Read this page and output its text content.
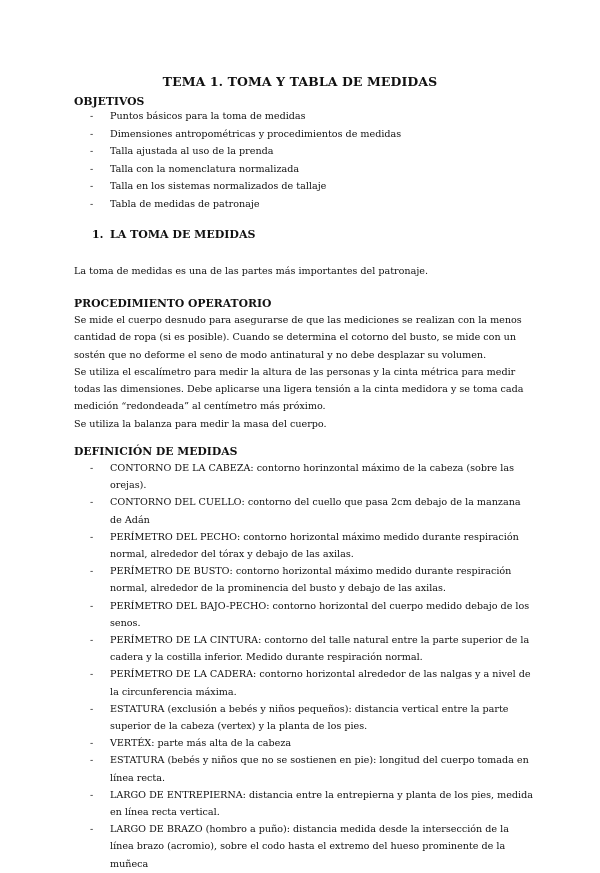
TEMA 1. TOMA Y TABLA DE MEDIDAS
OBJETIVOS
- Puntos básicos para la toma de medidas
- Dimensiones antropométricas y procedimientos de medidas
- Talla ajustada al uso de la prenda
- Talla con la nomenclatura normalizada
- Talla en los sistemas normalizados de tallaje
- Tabla de medidas de patronaje
1. LA TOMA DE MEDIDAS

La toma de medidas es una de las partes más importantes del patronaje.

PROCEDIMIENTO OPERATORIO

Se mide el cuerpo desnudo para asegurarse de que las mediciones se realizan con la menos cantidad de ropa (si es posible). Cuando se determina el cotorno del busto, se mide con un sostén que no deforme el seno de modo antinatural y no debe desplazar su volumen.

Se utiliza el escalímetro para medir la altura de las personas y la cinta métrica para medir todas las dimensiones. Debe aplicarse una ligera tensión a la cinta medidora y se toma cada medición “redondeada” al centímetro más próximo.

Se utiliza la balanza para medir la masa del cuerpo.

DEFINICIÓN DE MEDIDAS
- CONTORNO DE LA CABEZA: contorno horinzontal máximo de la cabeza (sobre las orejas).
- CONTORNO DEL CUELLO: contorno del cuello que pasa 2cm debajo de la manzana de Adán
- PERÍMETRO DEL PECHO: contorno horizontal máximo medido durante respiración normal, alrededor del tórax y debajo de las axilas.
- PERÍMETRO DE BUSTO: contorno horizontal máximo medido durante respiración normal, alrededor de la prominencia del busto y debajo de las axilas.
- PERÍMETRO DEL BAJO-PECHO: contorno horizontal del cuerpo medido debajo de los senos.
- PERÍMETRO DE LA CINTURA: contorno del talle natural entre la parte superior de la cadera y la costilla inferior. Medido durante respiración normal.
- PERÍMETRO DE LA CADERA: contorno horizontal alrededor de las nalgas y a nivel de la circunferencia máxima.
- ESTATURA (exclusión a bebés y niños pequeños): distancia vertical entre la parte superior de la cabeza (vertex) y la planta de los pies.
- VERTÉX: parte más alta de la cabeza
- ESTATURA (bebés y niños que no se sostienen en pie): longitud del cuerpo tomada en línea recta.
- LARGO DE ENTREPIERNA: distancia entre la entrepierna y planta de los pies, medida en línea recta vertical.
- LARGO DE BRAZO (hombro a puño): distancia medida desde la intersección de la línea brazo (acromio), sobre el codo hasta el extremo del hueso prominente de la muñeca
